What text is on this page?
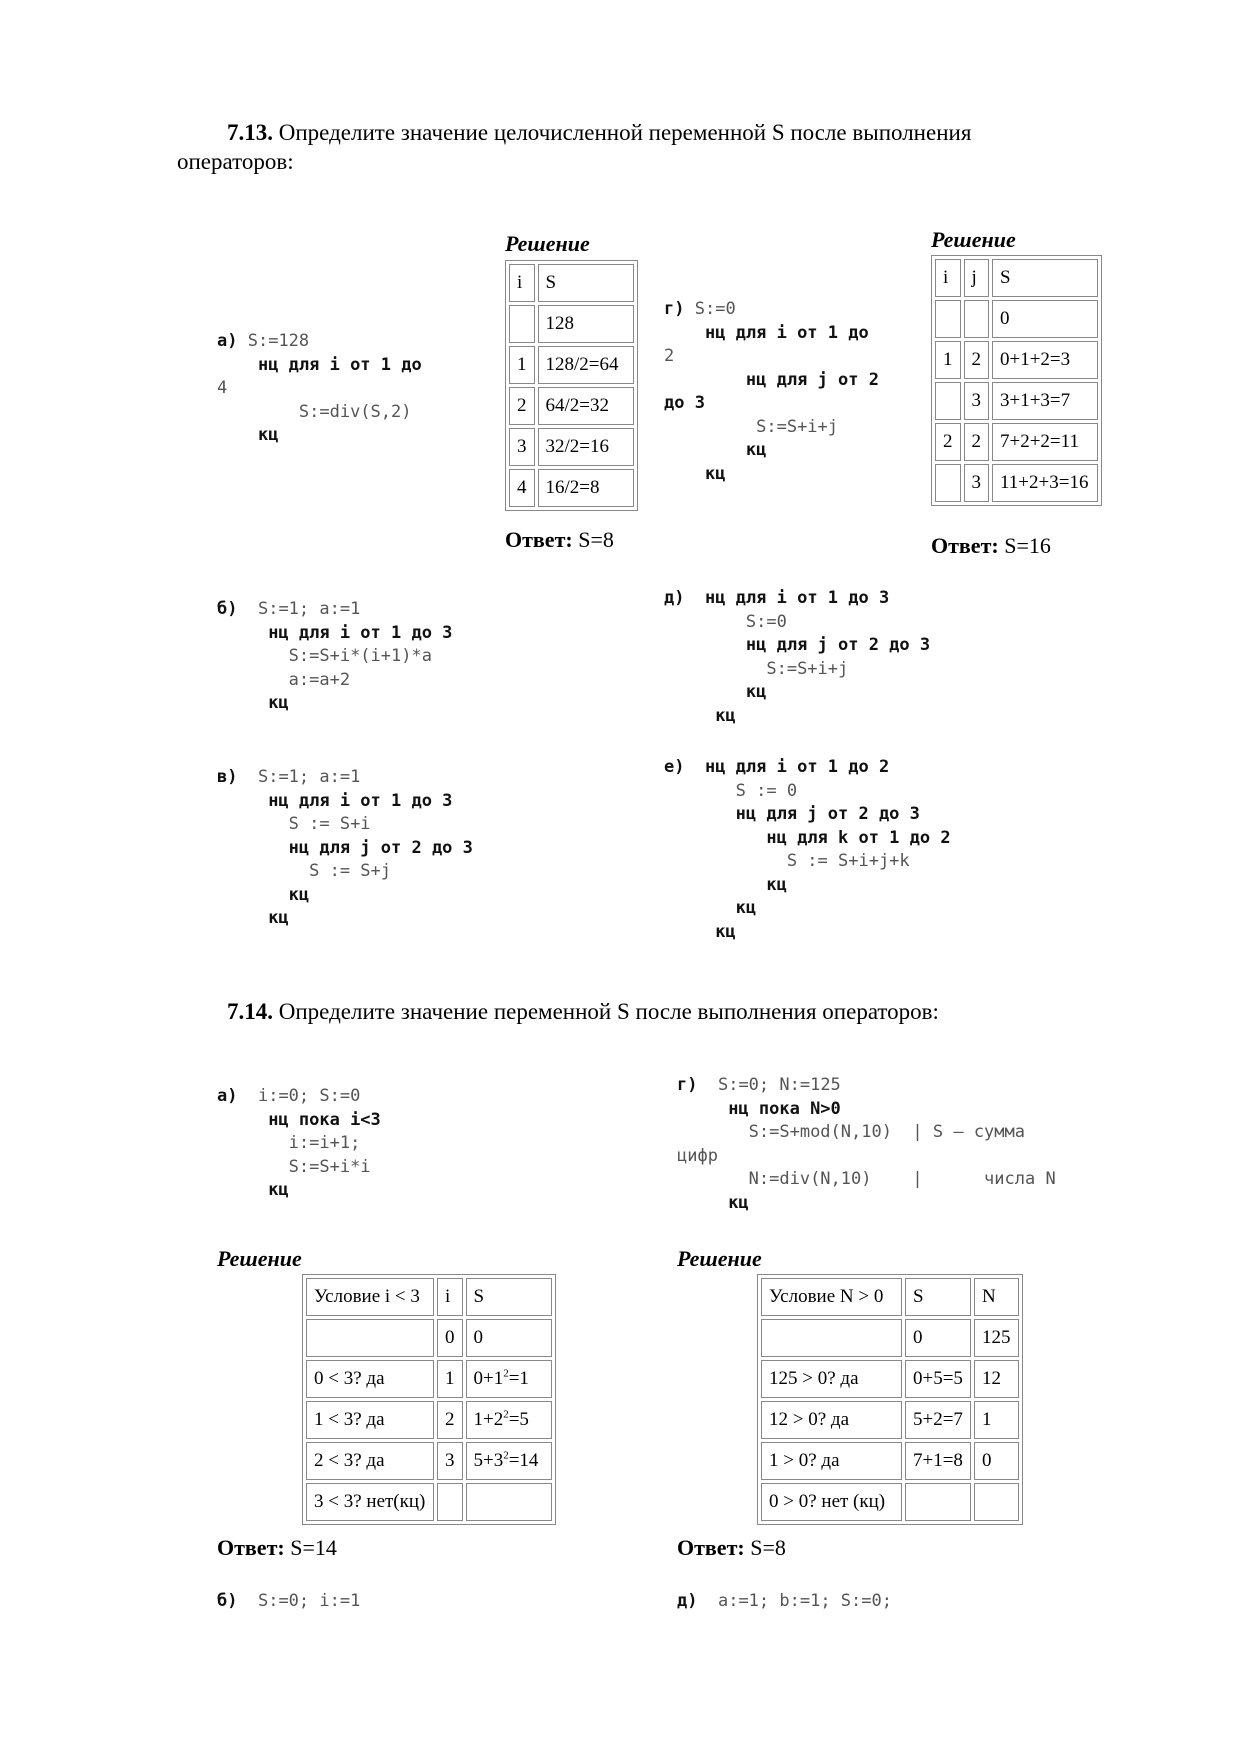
7.13. Определите значение целочисленной переменной S после выполнения
операторов:
а) S:=128
нц для i от 1 до
4
S:=div(S,2)
кц
Решение
i	S
	128
1	128/2=64
2	64/2=32
3	32/2=16
4	16/2=8
Ответ: S=8
г) S:=0
нц для i от 1 до
2
нц для j от 2
до 3
S:=S+i+j
кц
кц
Решение
i	j	S
		0
1	2	0+1+2=3
	3	3+1+3=7
2	2	7+2+2=11
	3	11+2+3=16
Ответ: S=16
б) S:=1; a:=1
нц для i от 1 до 3
S:=S+i*(i+1)*a
a:=a+2
кц
д) нц для i от 1 до 3
S:=0
нц для j от 2 до 3
S:=S+i+j
кц
кц
в) S:=1; a:=1
нц для i от 1 до 3
S := S+i
нц для j от 2 до 3
S := S+j
кц
кц
е) нц для i от 1 до 2
S := 0
нц для j от 2 до 3
нц для k от 1 до 2
S := S+i+j+k
кц
кц
кц
7.14. Определите значение переменной S после выполнения операторов:
а) i:=0; S:=0
нц пока i<3
i:=i+1;
S:=S+i*i
кц
г) S:=0; N:=125
нц пока N>0
S:=S+mod(N,10)  | S — сумма
цифр
N:=div(N,10)    |      числа N
кц
Решение
Условие i < 3	i	S
	0	0
0 < 3? да	1	$0+1^2=1$
1 < 3? да	2	$1+2^2=5$
2 < 3? да	3	$5+3^2=14$
3 < 3? нет(кц)		
Ответ: S=14
Решение
Условие N > 0	S	N
	0	125
125 > 0? да	0+5=5	12
12 > 0? да	5+2=7	1
1 > 0? да	7+1=8	0
0 > 0? нет (кц)		
Ответ: S=8
б) S:=0; i:=1	д) a:=1; b:=1; S:=0;
